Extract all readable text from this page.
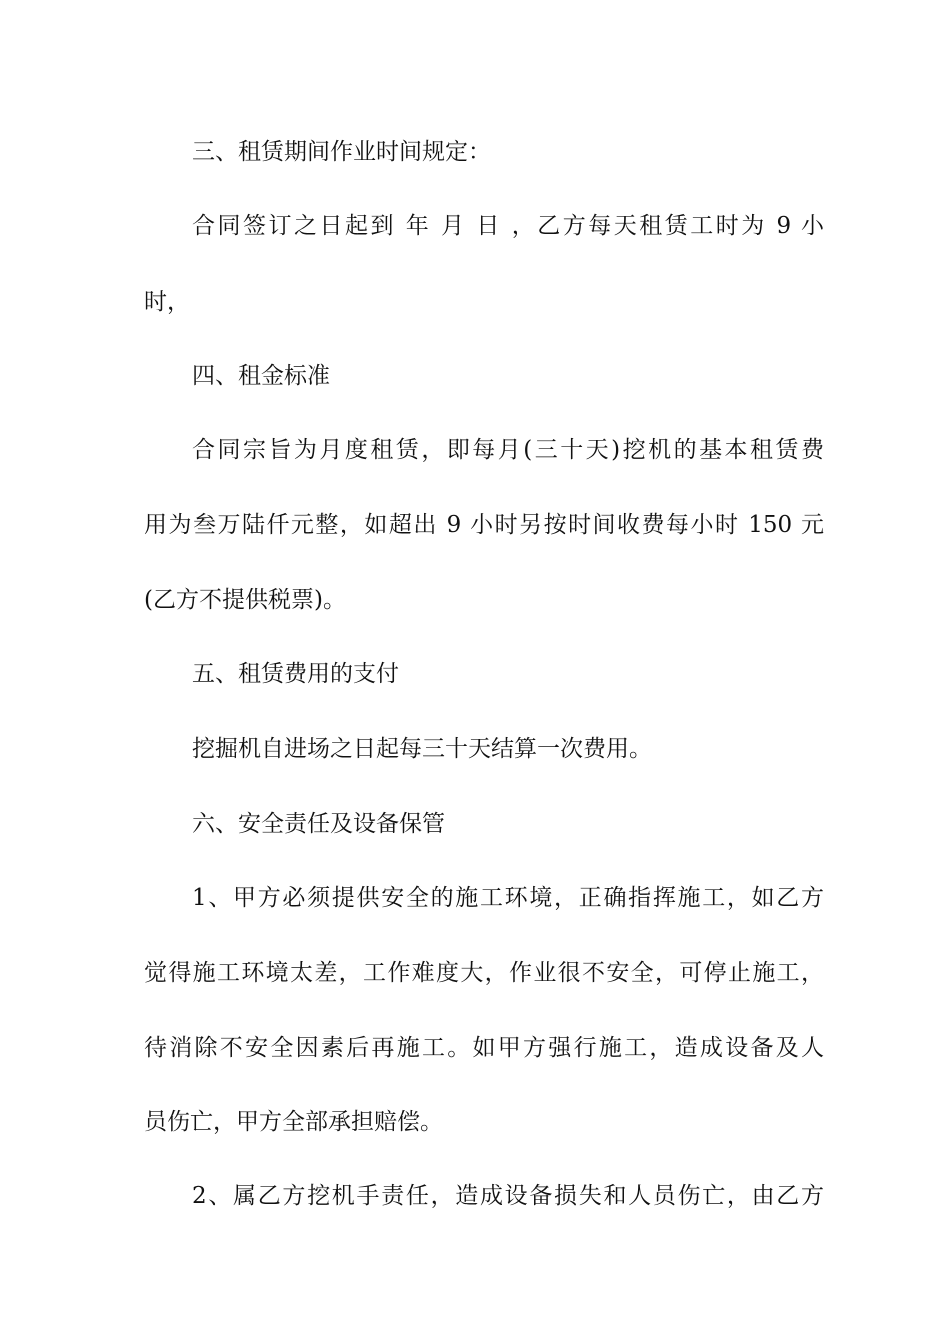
三、租赁期间作业时间规定：
合同签订之日起到 年 月 日 ，乙方每天租赁工时为 9 小
时，
四、租金标准
合同宗旨为月度租赁，即每月(三十天)挖机的基本租赁费
用为叁万陆仟元整，如超出 9 小时另按时间收费每小时 150 元
(乙方不提供税票)。
五、租赁费用的支付
挖掘机自进场之日起每三十天结算一次费用。
六、安全责任及设备保管
1、甲方必须提供安全的施工环境，正确指挥施工，如乙方
觉得施工环境太差，工作难度大，作业很不安全，可停止施工，
待消除不安全因素后再施工。如甲方强行施工，造成设备及人
员伤亡，甲方全部承担赔偿。
2、属乙方挖机手责任，造成设备损失和人员伤亡，由乙方
